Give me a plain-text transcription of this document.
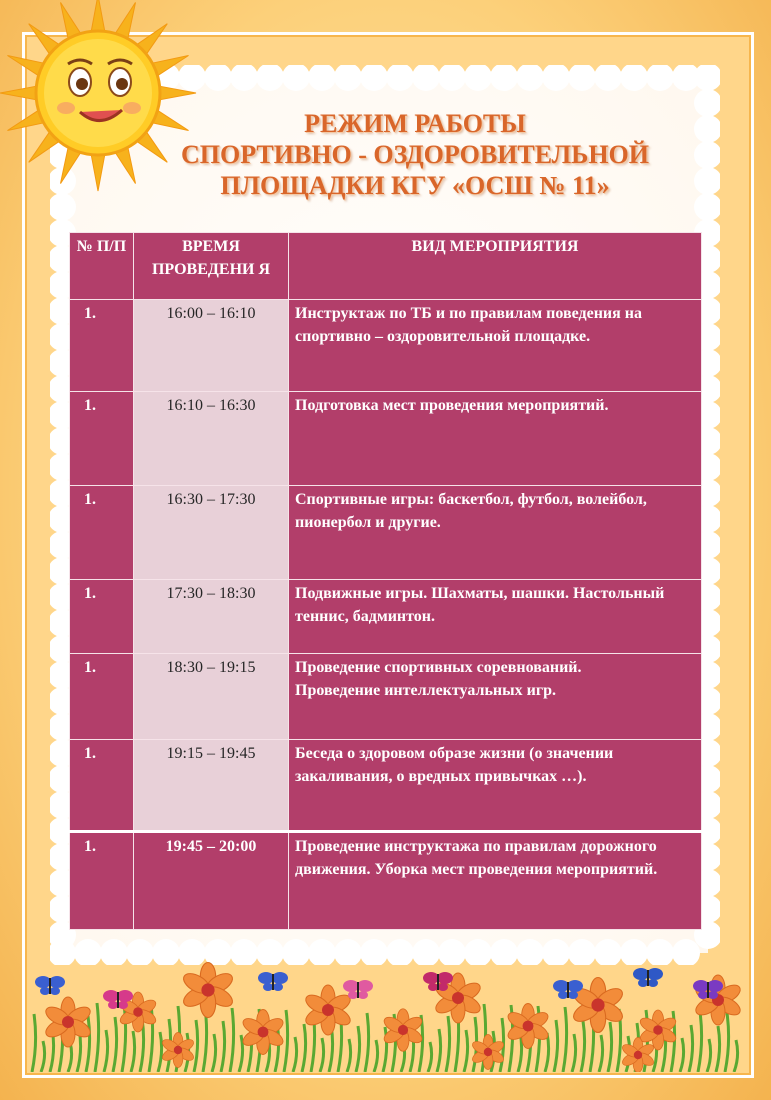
РЕЖИМ РАБОТЫ
СПОРТИВНО - ОЗДОРОВИТЕЛЬНОЙ
ПЛОЩАДКИ КГУ «ОСШ № 11»
№ П/П	ВРЕМЯ ПРОВЕДЕНИ Я	ВИД МЕРОПРИЯТИЯ
1.	16:00 – 16:10	Инструктаж по ТБ и по правилам поведения на спортивно – оздоровительной площадке.
1.	16:10 – 16:30	Подготовка мест проведения мероприятий.
1.	16:30 – 17:30	Спортивные игры: баскетбол, футбол, волейбол, пионербол и другие.
1.	17:30 – 18:30	Подвижные игры. Шахматы, шашки. Настольный теннис, бадминтон.
1.	18:30 – 19:15	Проведение спортивных соревнований.
Проведение интеллектуальных игр.

1.	19:15 – 19:45	Беседа о здоровом образе жизни (о значении закаливания, о вредных привычках …).
1.	19:45 – 20:00	Проведение инструктажа по правилам дорожного движения. Уборка мест проведения мероприятий.
